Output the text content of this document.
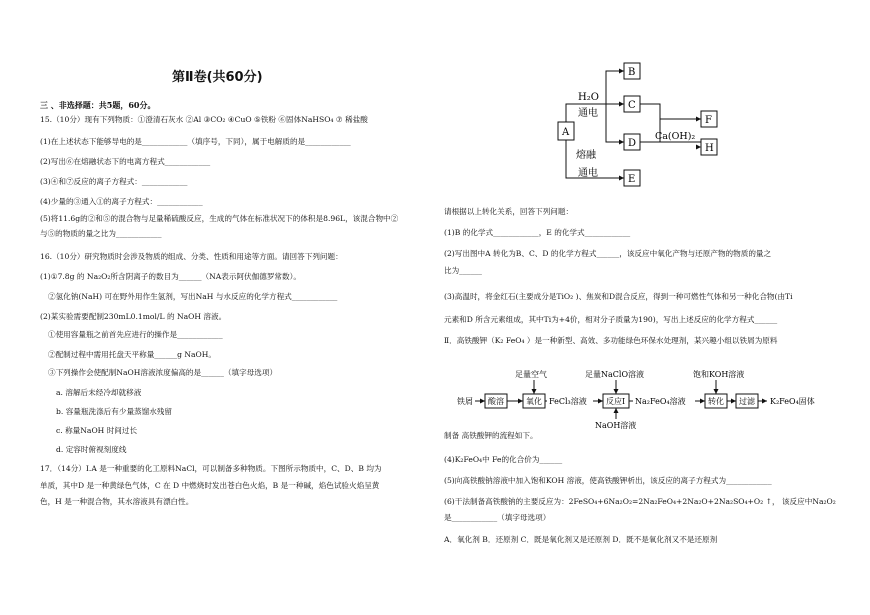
第Ⅱ卷(共60分)
三 、非选择题：共5题，60分。
15.（10分）现有下列物质：①澄清石灰水 ②Al ③CO₂ ④CuO ⑤铁粉 ⑥固体NaHSO₄ ⑦ 稀盐酸
(1)在上述状态下能够导电的是____________（填序号，下同），属于电解质的是____________
(2)写出⑥在熔融状态下的电离方程式____________
(3)④和⑦反应的离子方程式：____________
(4)少量的③通入①的离子方程式：____________
(5)将11.6g的②和⑤的混合物与足量稀硫酸反应，生成的气体在标准状况下的体积是8.96L，该混合物中②
与⑤的物质的量之比为____________
16.（10分）研究物质时会涉及物质的组成、分类、性质和用途等方面。请回答下列问题：
(1)①7.8g 的 Na₂O₂所含阴离子的数目为______（NA表示阿伏伽德罗常数）。
②氢化钠(NaH) 可在野外用作生氢剂，写出NaH 与水反应的化学方程式____________
(2)某实验需要配制230mL0.1mol/L 的 NaOH 溶液。
①使用容量瓶之前首先应进行的操作是____________
②配制过程中需用托盘天平称量______g NaOH。
③下列操作会使配制NaOH溶液浓度偏高的是______（填字母选项）
a. 溶解后未经冷却就移液
b. 容量瓶洗涤后有少量蒸馏水残留
c. 称量NaOH 时间过长
d. 定容时俯视刻度线
17．（14分）Ⅰ.A 是一种重要的化工原料NaCl，可以制备多种物质。下图所示物质中，C、D、B 均为
单质，其中D 是一种黄绿色气体，C 在 D 中燃烧时发出苍白色火焰，B 是一种碱，焰色试验火焰呈黄
色，H 是一种混合物，其水溶液具有漂白性。
A
B
C
D
E
F
H
H₂O
通电
熔融
通电
Ca(OH)₂
请根据以上转化关系，回答下列问题：
(1)B 的化学式____________，E 的化学式____________
(2)写出图中A 转化为B、C、D 的化学方程式______，该反应中氧化产物与还原产物的物质的量之
比为______
(3)高温时，将金红石(主要成分是TiO₂ )、焦炭和D混合反应，得到一种可燃性气体和另一种化合物(由Ti
元素和D 所含元素组成，其中Ti为+4价，相对分子质量为190)，写出上述反应的化学方程式______
Ⅱ．高铁酸钾（K₂ FeO₄ ）是一种新型、高效、多功能绿色环保水处理剂，某兴趣小组以铁屑为原料
制备 高铁酸钾的流程如下。
(4)K₂FeO₄中 Fe的化合价为______
(5)向高铁酸钠溶液中加入饱和KOH 溶液，使高铁酸钾析出，该反应的离子方程式为____________
(6)干法制备高铁酸钠的主要反应为：2FeSO₄+6Na₂O₂=2Na₂FeO₄+2Na₂O+2Na₂SO₄+O₂ ↑， 该反应中Na₂O₂
是____________（填字母选项）
A．氧化剂 B．还原剂 C．既是氧化剂又是还原剂 D．既不是氧化剂又不是还原剂
铁屑 酸溶	氧化 FeCl₃溶液 反应Ⅰ Na₂FeO₄溶液	转化 过滤 K₂FeO₄固体
足量空气	足量NaClO溶液	饱和KOH溶液
NaOH溶液
